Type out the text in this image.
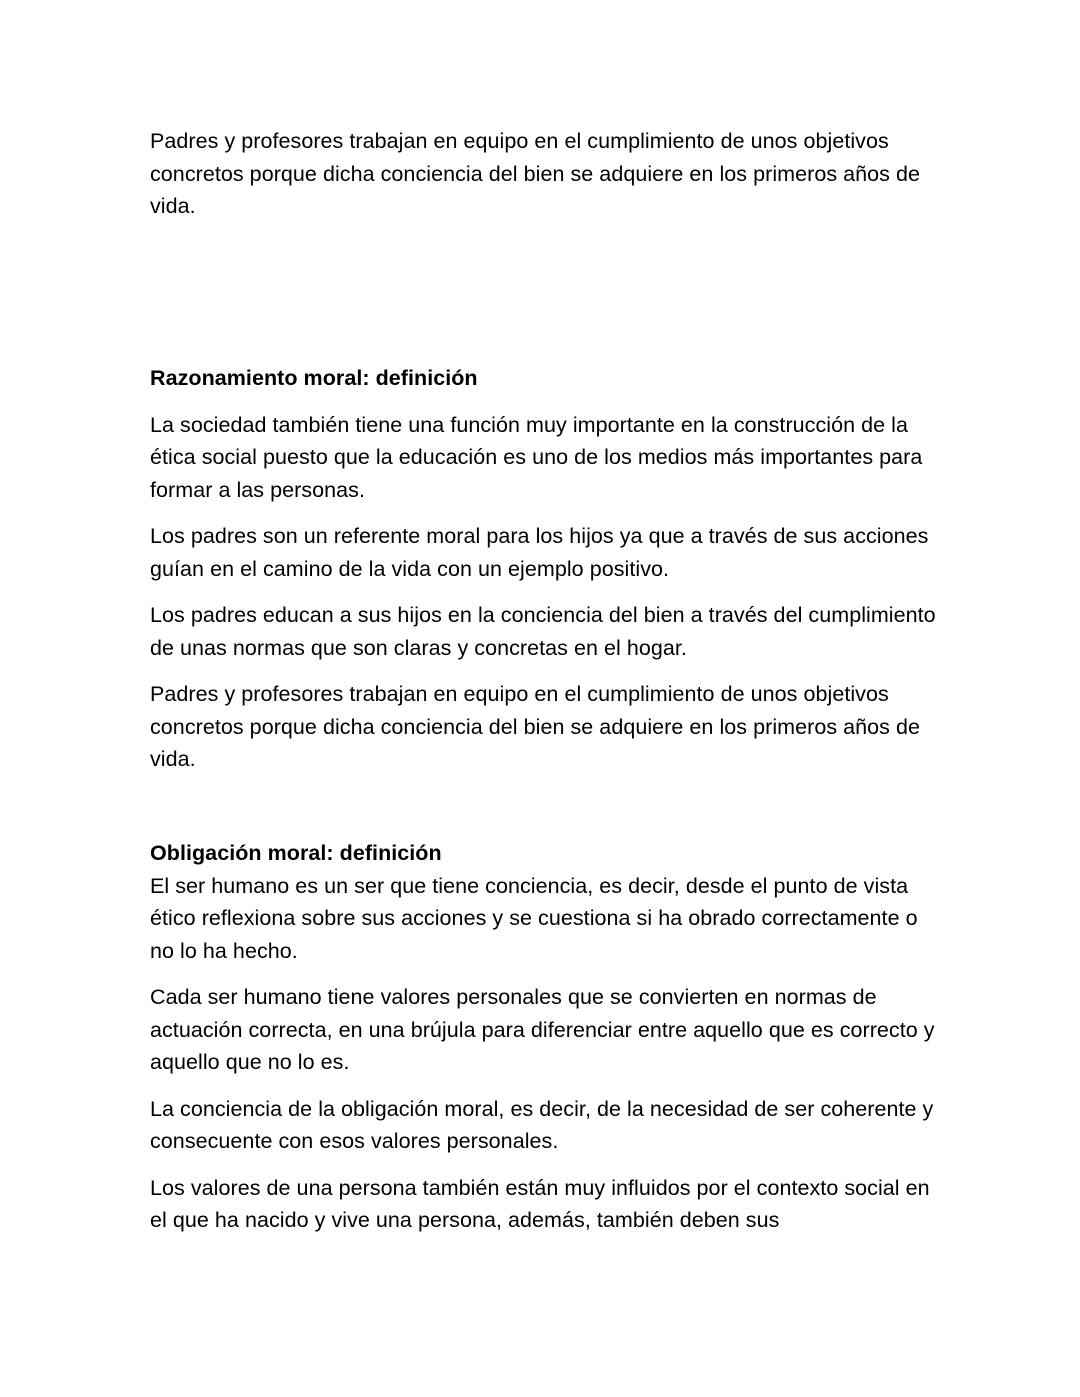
Padres y profesores trabajan en equipo en el cumplimiento de unos objetivos concretos porque dicha conciencia del bien se adquiere en los primeros años de vida.

Razonamiento moral: definición

La sociedad también tiene una función muy importante en la construcción de la ética social puesto que la educación es uno de los medios más importantes para formar a las personas.

Los padres son un referente moral para los hijos ya que a través de sus acciones guían en el camino de la vida con un ejemplo positivo.

Los padres educan a sus hijos en la conciencia del bien a través del cumplimiento de unas normas que son claras y concretas en el hogar.

Padres y profesores trabajan en equipo en el cumplimiento de unos objetivos concretos porque dicha conciencia del bien se adquiere en los primeros años de vida.

Obligación moral: definición

El ser humano es un ser que tiene conciencia, es decir, desde el punto de vista ético reflexiona sobre sus acciones y se cuestiona si ha obrado correctamente o no lo ha hecho.

Cada ser humano tiene valores personales que se convierten en normas de actuación correcta, en una brújula para diferenciar entre aquello que es correcto y aquello que no lo es.

La conciencia de la obligación moral, es decir, de la necesidad de ser coherente y consecuente con esos valores personales.

Los valores de una persona también están muy influidos por el contexto social en el que ha nacido y vive una persona, además, también deben sus
